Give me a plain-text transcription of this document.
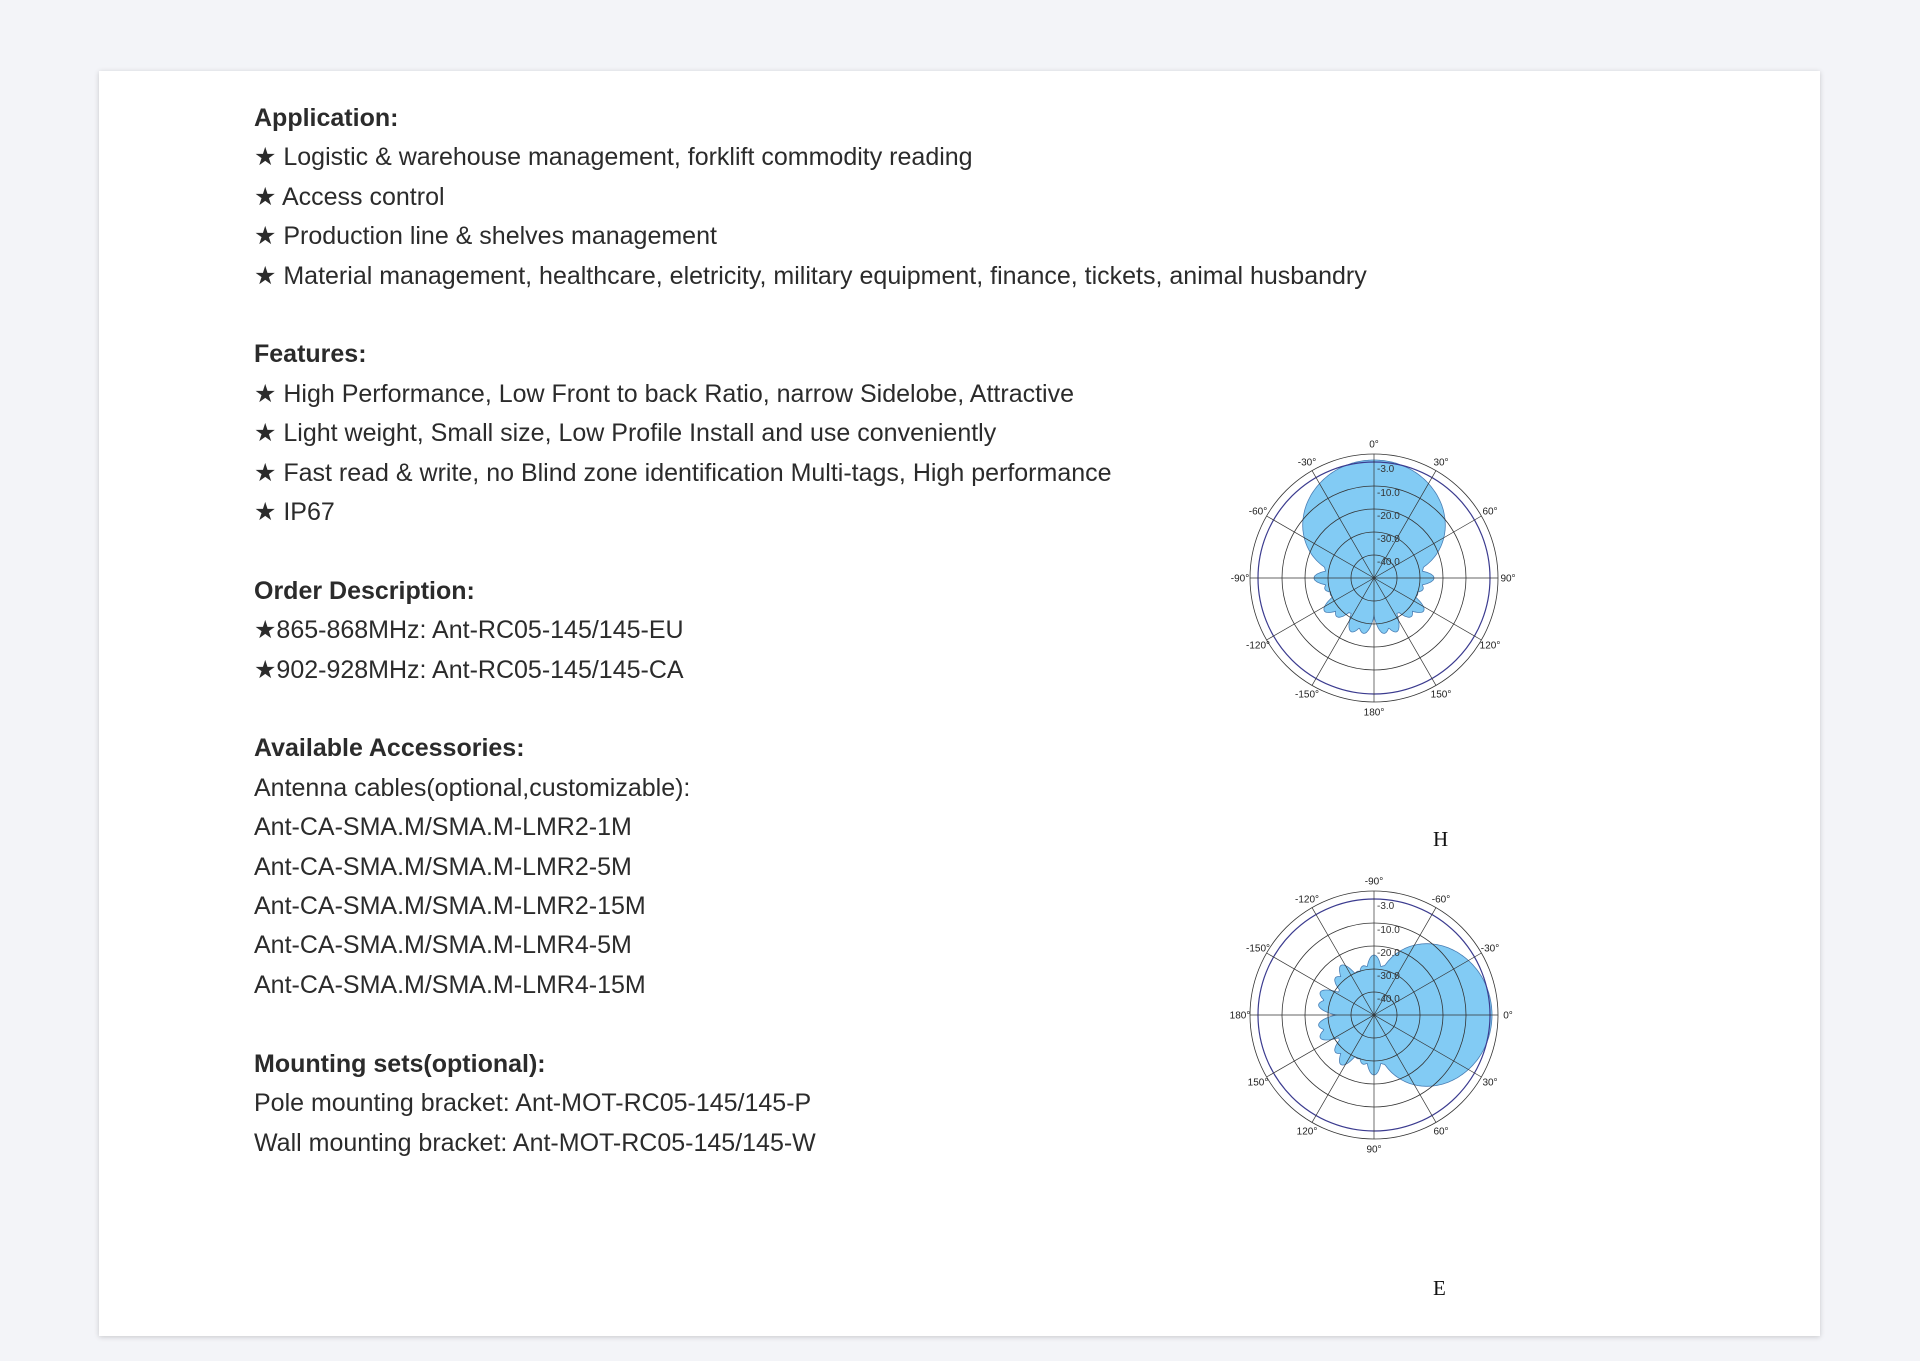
Application:
★ Logistic & warehouse management, forklift commodity reading
★ Access control
★ Production line & shelves management
★ Material management, healthcare, eletricity, military equipment, finance, tickets, animal husbandry
Features:
★ High Performance, Low Front to back Ratio, narrow Sidelobe, Attractive
★ Light weight, Small size, Low Profile Install and use conveniently
★ Fast read & write, no Blind zone identification Multi-tags, High performance
★ IP67
Order Description:
★865-868MHz: Ant-RC05-145/145-EU
★902-928MHz: Ant-RC05-145/145-CA
Available Accessories:
Antenna cables(optional,customizable):
Ant-CA-SMA.M/SMA.M-LMR2-1M
Ant-CA-SMA.M/SMA.M-LMR2-5M
Ant-CA-SMA.M/SMA.M-LMR2-15M
Ant-CA-SMA.M/SMA.M-LMR4-5M
Ant-CA-SMA.M/SMA.M-LMR4-15M
Mounting sets(optional):
Pole mounting bracket: Ant-MOT-RC05-145/145-P
Wall mounting bracket: Ant-MOT-RC05-145/145-W
0°
30°
60°
90°
120°
150°
180°
-150°
-120°
-90°
-60°
-30°
-3.0
-10.0
-20.0
-30.0
-40.0
H
-90°
-60°
-30°
0°
30°
60°
90°
120°
150°
180°
-150°
-120°
-3.0
-10.0
-20.0
-30.0
-40.0
E
